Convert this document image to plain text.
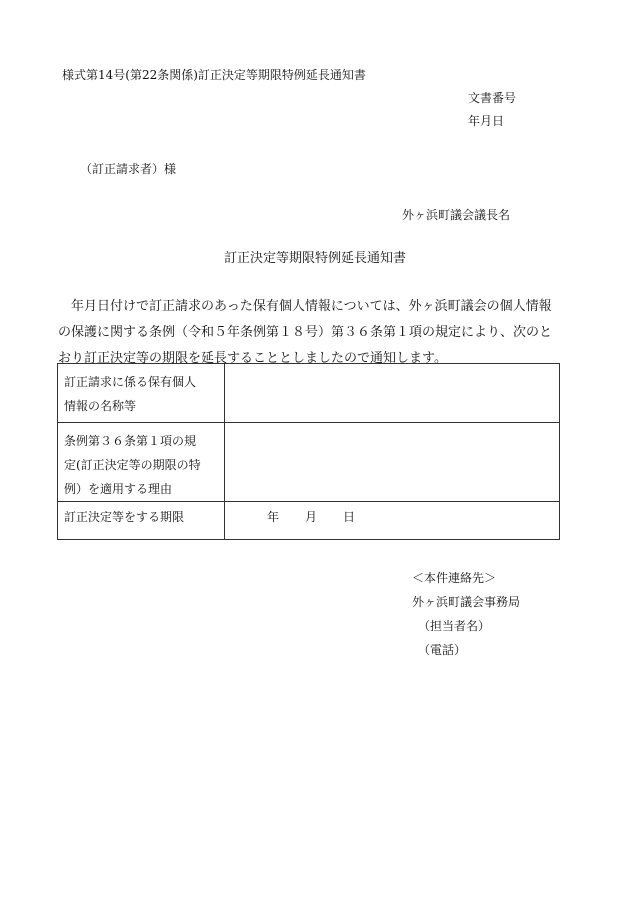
様式第14号(第22条関係)訂正決定等期限特例延長通知書
文書番号
年月日
（訂正請求者）様
外ヶ浜町議会議長名
訂正決定等期限特例延長通知書
年月日付けで訂正請求のあった保有個人情報については、外ヶ浜町議会の個人情報
の保護に関する条例（令和５年条例第１８号）第３６条第１項の規定により、次のと
おり訂正決定等の期限を延長することとしましたので通知します。
訂正請求に係る保有個人
情報の名称等	

条例第３６条第１項の規
定(訂正決定等の期限の特
例）を適用する理由	

訂正決定等をする期限	年 月 日
＜本件連絡先＞
外ヶ浜町議会事務局
（担当者名）
（電話）
